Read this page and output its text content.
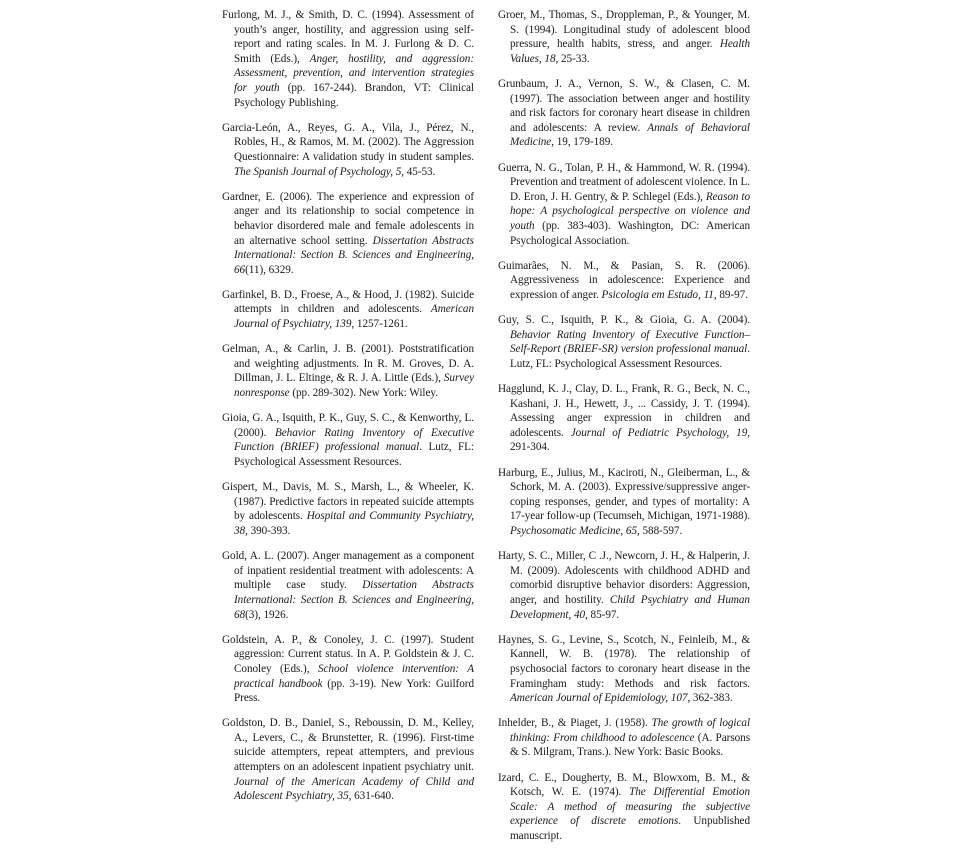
Furlong, M. J., & Smith, D. C. (1994). Assessment of youth’s anger, hostility, and aggression using self-report and rating scales. In M. J. Furlong & D. C. Smith (Eds.), Anger, hostility, and aggression: Assessment, prevention, and intervention strategies for youth (pp. 167-244). Brandon, VT: Clinical Psychology Publishing.

Garcia-León, A., Reyes, G. A., Vila, J., Pérez, N., Robles, H., & Ramos, M. M. (2002). The Aggression Questionnaire: A validation study in student samples. The Spanish Journal of Psychology, 5, 45-53.

Gardner, E. (2006). The experience and expression of anger and its relationship to social competence in behavior disordered male and female adolescents in an alternative school setting. Dissertation Abstracts International: Section B. Sciences and Engineering, 66(11), 6329.

Garfinkel, B. D., Froese, A., & Hood, J. (1982). Suicide attempts in children and adolescents. American Journal of Psychiatry, 139, 1257-1261.

Gelman, A., & Carlin, J. B. (2001). Poststratification and weighting adjustments. In R. M. Groves, D. A. Dillman, J. L. Eltinge, & R. J. A. Little (Eds.), Survey nonresponse (pp. 289-302). New York: Wiley.

Gioia, G. A., Isquith, P. K., Guy, S. C., & Kenworthy, L. (2000). Behavior Rating Inventory of Executive Function (BRIEF) professional manual. Lutz, FL: Psychological Assessment Resources.

Gispert, M., Davis, M. S., Marsh, L., & Wheeler, K. (1987). Predictive factors in repeated suicide attempts by adolescents. Hospital and Community Psychiatry, 38, 390-393.

Gold, A. L. (2007). Anger management as a component of inpatient residential treatment with adolescents: A multiple case study. Dissertation Abstracts International: Section B. Sciences and Engineering, 68(3), 1926.

Goldstein, A. P., & Conoley, J. C. (1997). Student aggression: Current status. In A. P. Goldstein & J. C. Conoley (Eds.), School violence intervention: A practical handbook (pp. 3-19). New York: Guilford Press.

Goldston, D. B., Daniel, S., Reboussin, D. M., Kelley, A., Levers, C., & Brunstetter, R. (1996). First-time suicide attempters, repeat attempters, and previous attempters on an adolescent inpatient psychiatry unit. Journal of the American Academy of Child and Adolescent Psychiatry, 35, 631-640.

Groer, M., Thomas, S., Droppleman, P., & Younger, M. S. (1994). Longitudinal study of adolescent blood pressure, health habits, stress, and anger. Health Values, 18, 25-33.

Grunbaum, J. A., Vernon, S. W., & Clasen, C. M. (1997). The association between anger and hostility and risk factors for coronary heart disease in children and adolescents: A review. Annals of Behavioral Medicine, 19, 179-189.

Guerra, N. G., Tolan, P. H., & Hammond, W. R. (1994). Prevention and treatment of adolescent violence. In L. D. Eron, J. H. Gentry, & P. Schlegel (Eds.), Reason to hope: A psychological perspective on violence and youth (pp. 383-403). Washington, DC: American Psychological Association.

Guimarães, N. M., & Pasian, S. R. (2006). Aggressiveness in adolescence: Experience and expression of anger. Psicologia em Estudo, 11, 89-97.

Guy, S. C., Isquith, P. K., & Gioia, G. A. (2004). Behavior Rating Inventory of Executive Function–Self-Report (BRIEF-SR) version professional manual. Lutz, FL: Psychological Assessment Resources.

Hagglund, K. J., Clay, D. L., Frank, R. G., Beck, N. C., Kashani, J. H., Hewett, J., ... Cassidy, J. T. (1994). Assessing anger expression in children and adolescents. Journal of Pediatric Psychology, 19, 291-304.

Harburg, E., Julius, M., Kaciroti, N., Gleiberman, L., & Schork, M. A. (2003). Expressive/suppressive anger-coping responses, gender, and types of mortality: A 17-year follow-up (Tecumseh, Michigan, 1971-1988). Psychosomatic Medicine, 65, 588-597.

Harty, S. C., Miller, C .J., Newcorn, J. H., & Halperin, J. M. (2009). Adolescents with childhood ADHD and comorbid disruptive behavior disorders: Aggression, anger, and hostility. Child Psychiatry and Human Development, 40, 85-97.

Haynes, S. G., Levine, S., Scotch, N., Feinleib, M., & Kannell, W. B. (1978). The relationship of psychosocial factors to coronary heart disease in the Framingham study: Methods and risk factors. American Journal of Epidemiology, 107, 362-383.

Inhelder, B., & Piaget, J. (1958). The growth of logical thinking: From childhood to adolescence (A. Parsons & S. Milgram, Trans.). New York: Basic Books.

Izard, C. E., Dougherty, B. M., Blowxom, B. M., & Kotsch, W. E. (1974). The Differential Emotion Scale: A method of measuring the subjective experience of discrete emotions. Unpublished manuscript.
